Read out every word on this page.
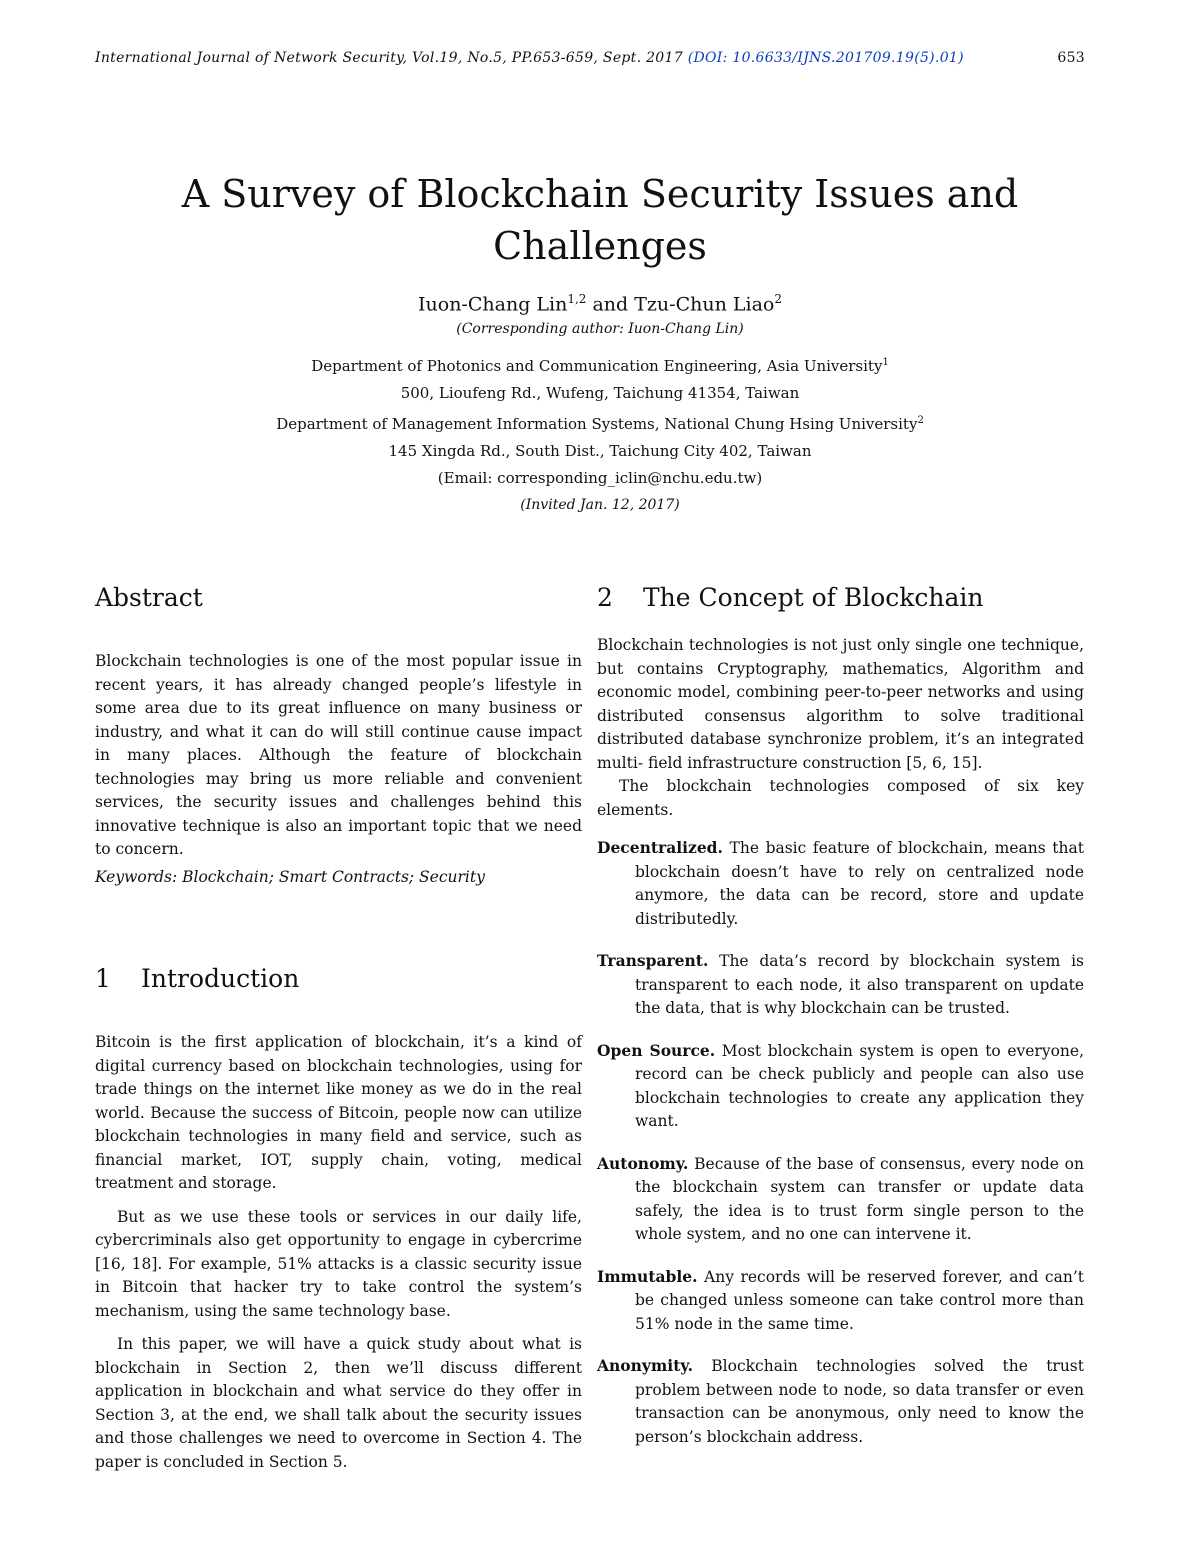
International Journal of Network Security, Vol.19, No.5, PP.653-659, Sept. 2017 (DOI: 10.6633/IJNS.201709.19(5).01)	653
A Survey of Blockchain Security Issues and Challenges
Iuon-Chang Lin$^{1,2}$ and Tzu-Chun Liao$^2$
(Corresponding author: Iuon-Chang Lin)
Department of Photonics and Communication Engineering, Asia University$^1$
500, Lioufeng Rd., Wufeng, Taichung 41354, Taiwan
Department of Management Information Systems, National Chung Hsing University$^2$
145 Xingda Rd., South Dist., Taichung City 402, Taiwan
(Email: corresponding_iclin@nchu.edu.tw)
(Invited Jan. 12, 2017)
Abstract

Blockchain technologies is one of the most popular issue in recent years, it has already changed people’s lifestyle in some area due to its great influence on many business or industry, and what it can do will still continue cause impact in many places. Although the feature of blockchain technologies may bring us more reliable and convenient services, the security issues and challenges behind this innovative technique is also an important topic that we need to concern.

Keywords: Blockchain; Smart Contracts; Security

1 Introduction

Bitcoin is the first application of blockchain, it’s a kind of digital currency based on blockchain technologies, using for trade things on the internet like money as we do in the real world. Because the success of Bitcoin, people now can utilize blockchain technologies in many field and service, such as financial market, IOT, supply chain, voting, medical treatment and storage.

But as we use these tools or services in our daily life, cybercriminals also get opportunity to engage in cybercrime [16, 18]. For example, 51% attacks is a classic security issue in Bitcoin that hacker try to take control the system’s mechanism, using the same technology base.

In this paper, we will have a quick study about what is blockchain in Section 2, then we’ll discuss different application in blockchain and what service do they offer in Section 3, at the end, we shall talk about the security issues and those challenges we need to overcome in Section 4. The paper is concluded in Section 5.

2 The Concept of Blockchain

Blockchain technologies is not just only single one technique, but contains Cryptography, mathematics, Algorithm and economic model, combining peer-to-peer networks and using distributed consensus algorithm to solve traditional distributed database synchronize problem, it’s an integrated multi- field infrastructure construction [5, 6, 15].

The blockchain technologies composed of six key elements.

Decentralized. The basic feature of blockchain, means that blockchain doesn’t have to rely on centralized node anymore, the data can be record, store and update distributedly.

Transparent. The data’s record by blockchain system is transparent to each node, it also transparent on update the data, that is why blockchain can be trusted.

Open Source. Most blockchain system is open to everyone, record can be check publicly and people can also use blockchain technologies to create any application they want.

Autonomy. Because of the base of consensus, every node on the blockchain system can transfer or update data safely, the idea is to trust form single person to the whole system, and no one can intervene it.

Immutable. Any records will be reserved forever, and can’t be changed unless someone can take control more than 51% node in the same time.

Anonymity. Blockchain technologies solved the trust problem between node to node, so data transfer or even transaction can be anonymous, only need to know the person’s blockchain address.
